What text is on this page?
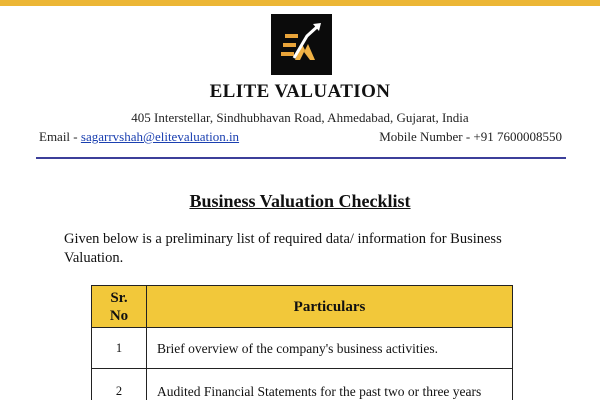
ELITE VALUATION
405 Interstellar, Sindhubhavan Road, Ahmedabad, Gujarat, India
Email - sagarrvshah@elitevaluation.in	Mobile Number - +91 7600008550
Business Valuation Checklist
Given below is a preliminary list of required data/ information for Business Valuation.
Sr. No	Particulars
1	Brief overview of the company's business activities.
2	Audited Financial Statements for the past two or three years
